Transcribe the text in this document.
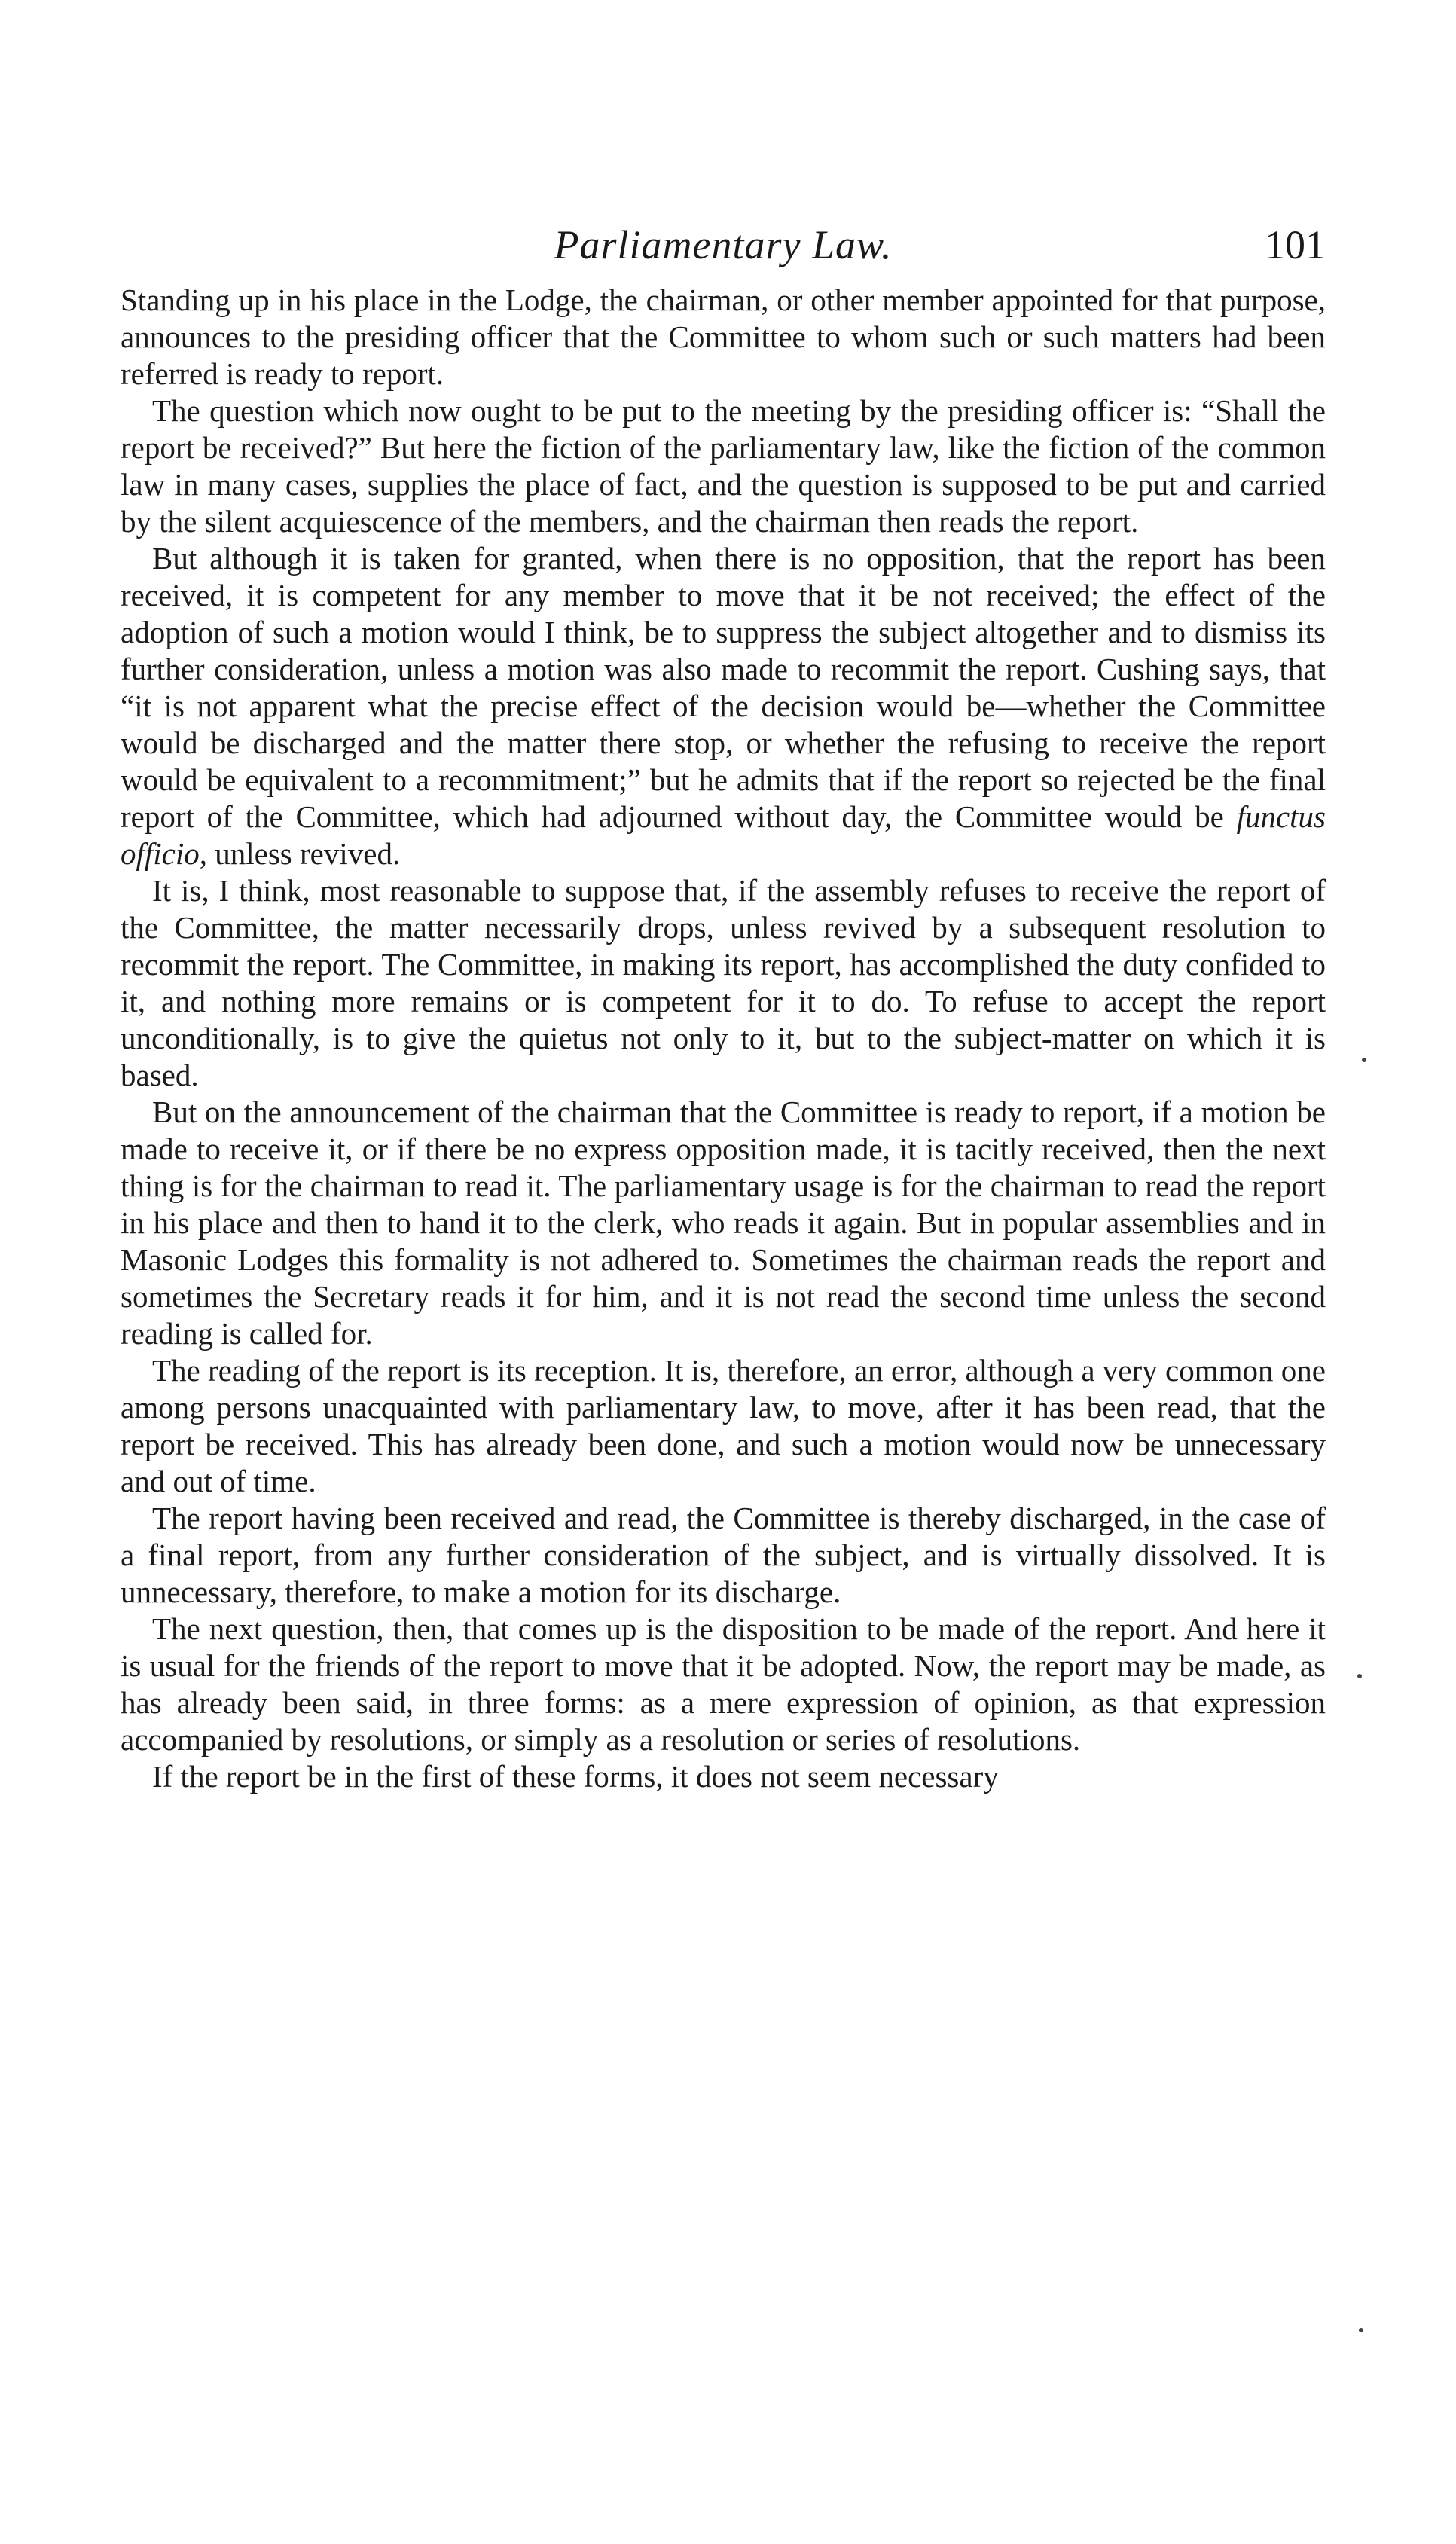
Parliamentary Law.	101

Standing up in his place in the Lodge, the chairman, or other member appointed for that purpose, announces to the presiding officer that the Committee to whom such or such matters had been referred is ready to report.

The question which now ought to be put to the meeting by the presiding officer is: “Shall the report be received?” But here the fiction of the parliamentary law, like the fiction of the common law in many cases, supplies the place of fact, and the question is supposed to be put and carried by the silent acquiescence of the members, and the chairman then reads the report.

But although it is taken for granted, when there is no opposition, that the report has been received, it is competent for any member to move that it be not received; the effect of the adoption of such a motion would I think, be to suppress the subject altogether and to dismiss its further consideration, unless a motion was also made to recommit the report. Cushing says, that “it is not apparent what the precise effect of the decision would be—whether the Committee would be discharged and the matter there stop, or whether the refusing to receive the report would be equivalent to a recommitment;” but he admits that if the report so rejected be the final report of the Committee, which had adjourned without day, the Committee would be functus officio, unless revived.

It is, I think, most reasonable to suppose that, if the assembly refuses to receive the report of the Committee, the matter necessarily drops, unless revived by a subsequent resolution to recommit the report. The Committee, in making its report, has accomplished the duty confided to it, and nothing more remains or is competent for it to do. To refuse to accept the report unconditionally, is to give the quietus not only to it, but to the subject-matter on which it is based.

But on the announcement of the chairman that the Committee is ready to report, if a motion be made to receive it, or if there be no express opposition made, it is tacitly received, then the next thing is for the chairman to read it. The parliamentary usage is for the chairman to read the report in his place and then to hand it to the clerk, who reads it again. But in popular assemblies and in Masonic Lodges this formality is not adhered to. Sometimes the chairman reads the report and sometimes the Secretary reads it for him, and it is not read the second time unless the second reading is called for.

The reading of the report is its reception. It is, therefore, an error, although a very common one among persons unacquainted with parliamentary law, to move, after it has been read, that the report be received. This has already been done, and such a motion would now be unnecessary and out of time.

The report having been received and read, the Committee is thereby discharged, in the case of a final report, from any further consideration of the subject, and is virtually dissolved. It is unnecessary, therefore, to make a motion for its discharge.

The next question, then, that comes up is the disposition to be made of the report. And here it is usual for the friends of the report to move that it be adopted. Now, the report may be made, as has already been said, in three forms: as a mere expression of opinion, as that expression accompanied by resolutions, or simply as a resolution or series of resolutions.

If the report be in the first of these forms, it does not seem necessary
